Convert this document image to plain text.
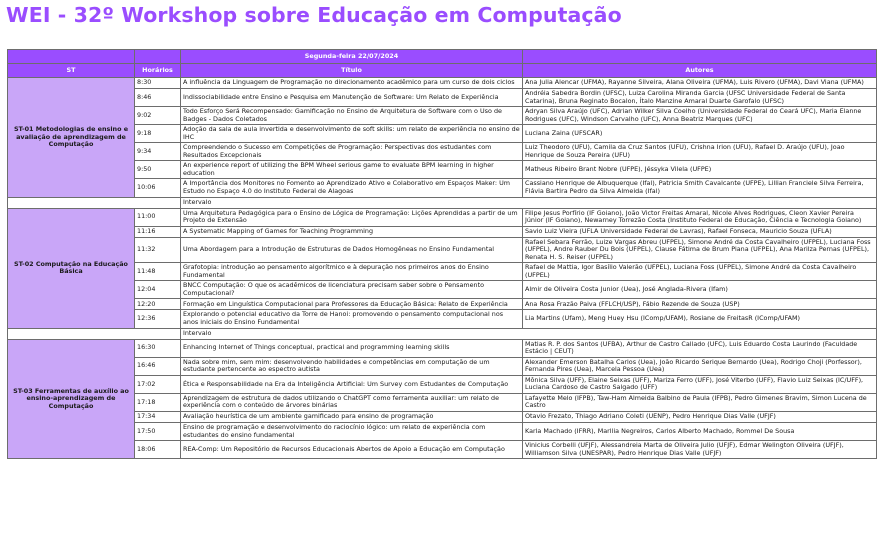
WEI - 32º Workshop sobre Educação em Computação
		Segunda-feira 22/07/2024	
ST	Horários	Título	Autores
ST-01 Metodologias de ensino e avaliação de aprendizagem de Computação	8:30	A influência da Linguagem de Programação no direcionamento acadêmico para um curso de dois ciclos	Ana Julia Alencar (UFMA), Rayanne Silveira, Alana Oliveira (UFMA), Luis Rivero (UFMA), Davi Viana (UFMA)
	8:46	Indissociabilidade entre Ensino e Pesquisa em Manutenção de Software: Um Relato de Experiência	Andréia Sabedra Bordin (UFSC), Luiza Carolina Miranda Garcia (UFSC Universidade Federal de Santa Catarina), Bruna Reginato Bocalon, Ítalo Manzine Amaral Duarte Garofalo (UFSC)
	9:02	Todo Esforço Será Recompensado: Gamificação no Ensino de Arquitetura de Software com o Uso de Badges - Dados Coletados	Adryan Silva Araújo (UFC), Adrian Wilker Silva Coelho (Universidade Federal do Ceará UFC), Maria Elanne Rodrigues (UFC), Windson Carvalho (UFC), Anna Beatriz Marques (UFC)
	9:18	Adoção da sala de aula invertida e desenvolvimento de soft skills: um relato de experiência no ensino de IHC	Luciana Zaina (UFSCAR)
	9:34	Compreendendo o Sucesso em Competições de Programação: Perspectivas dos estudantes com Resultados Excepcionais	Luiz Theodoro (UFU), Camila da Cruz Santos (UFU), Crishna Irion (UFU), Rafael D. Araújo (UFU), Joao Henrique de Souza Pereira (UFU)
	9:50	An experience report of utilizing the BPM Wheel serious game to evaluate BPM learning in higher education	Matheus Ribeiro Brant Nobre (UFPE), Jéssyka Vilela (UFPE)
	10:06	A Importância dos Monitores no Fomento ao Aprendizado Ativo e Colaborativo em Espaços Maker: Um Estudo no Espaço 4.0 do Instituto Federal de Alagoas	Cassiano Henrique de Albuquerque (Ifal), Patricia Smith Cavalcante (UFPE), Lillian Franciele Silva Ferreira, Flávia Bartira Pedro da Silva Almeida (Ifal)
		Intervalo	
ST-02 Computação na Educação Básica	11:00	Uma Arquitetura Pedagógica para o Ensino de Lógica de Programação: Lições Aprendidas a partir de um Projeto de Extensão	Filipe Jesus Porfírio (IF Goiano), João Victor Freitas Amaral, Nicole Alves Rodrigues, Cleon Xavier Pereira Júnior (IF Goiano), Newarney Torrezão Costa (Instituto Federal de Educação, Ciência e Tecnologia Goiano)
	11:16	A Systematic Mapping of Games for Teaching Programming	Savio Luiz Vieira (UFLA Universidade Federal de Lavras), Rafael Fonseca, Mauricio Souza (UFLA)
	11:32	Uma Abordagem para a Introdução de Estruturas de Dados Homogêneas no Ensino Fundamental	Rafael Sebara Ferrão, Luize Vargas Abreu (UFPEL), Simone André da Costa Cavalheiro (UFPEL), Luciana Foss (UFPEL), Andre Rauber Du Bois (UFPEL), Clause Fátima de Brum Piana (UFPEL), Ana Marilza Pernas (UFPEL), Renata H. S. Reiser (UFPEL)
	11:48	Grafotopia: introdução ao pensamento algorítmico e à depuração nos primeiros anos do Ensino Fundamental	Rafael de Mattia, Igor Basílio Valerão (UFPEL), Luciana Foss (UFPEL), Simone André da Costa Cavalheiro (UFPEL)
	12:04	BNCC Computação: O que os acadêmicos de licenciatura precisam saber sobre o Pensamento Computacional?	Almir de Oliveira Costa Junior (Uea), José Anglada-Rivera (Ifam)
	12:20	Formação em Linguística Computacional para Professores da Educação Básica: Relato de Experiência	Ana Rosa Frazão Paiva (FFLCH/USP), Fábio Rezende de Souza (USP)
	12:36	Explorando o potencial educativo da Torre de Hanoi: promovendo o pensamento computacional nos anos iniciais do Ensino Fundamental	Lia Martins (Ufam), Meng Huey Hsu (IComp/UFAM), Rosiane de FreitasR (IComp/UFAM)
		Intervalo	
ST-03 Ferramentas de auxílio ao ensino-aprendizagem de Computação	16:30	Enhancing Internet of Things conceptual, practical and programming learning skills	Matias R. P. dos Santos (UFBA), Arthur de Castro Callado (UFC), Luis Eduardo Costa Laurindo (Faculdade Estácio | CEUT)
	16:46	Nada sobre mim, sem mim: desenvolvendo habilidades e competências em computação de um estudante pertencente ao espectro autista	Alexander Emerson Batalha Carlos (Uea), João Ricardo Serique Bernardo (Uea), Rodrigo Choji (Porfessor), Fernanda Pires (Uea), Marcela Pessoa (Uea)
	17:02	Ética e Responsabilidade na Era da Inteligência Artificial: Um Survey com Estudantes de Computação	Mônica Silva (UFF), Elaine Seixas (UFF), Mariza Ferro (UFF), José Viterbo (UFF), Flavio Luiz Seixas (IC/UFF), Luciana Cardoso de Castro Salgado (UFF)
	17:18	Aprendizagem de estrutura de dados utilizando o ChatGPT como ferramenta auxiliar: um relato de experiência com o conteúdo de árvores binárias	Lafayette Melo (IFPB), Taw-Ham Almeida Balbino de Paula (IFPB), Pedro Gimenes Bravim, Simon Lucena de Castro
	17:34	Avaliação heurística de um ambiente gamificado para ensino de programação	Otavio Frezato, Thiago Adriano Coleti (UENP), Pedro Henrique Dias Valle (UFJF)
	17:50	Ensino de programação e desenvolvimento do raciocínio lógico: um relato de experiência com estudantes do ensino fundamental	Karla Machado (IFRR), Marllia Negreiros, Carlos Alberto Machado, Rommel De Sousa
	18:06	REA-Comp: Um Repositório de Recursos Educacionais Abertos de Apoio a Educação em Computação	Vinicius Corbelli (UFJF), Alessandreia Marta de Oliveira Julio (UFJF), Edmar Welington Oliveira (UFJF), Williamson Silva (UNESPAR), Pedro Henrique Dias Valle (UFJF)
